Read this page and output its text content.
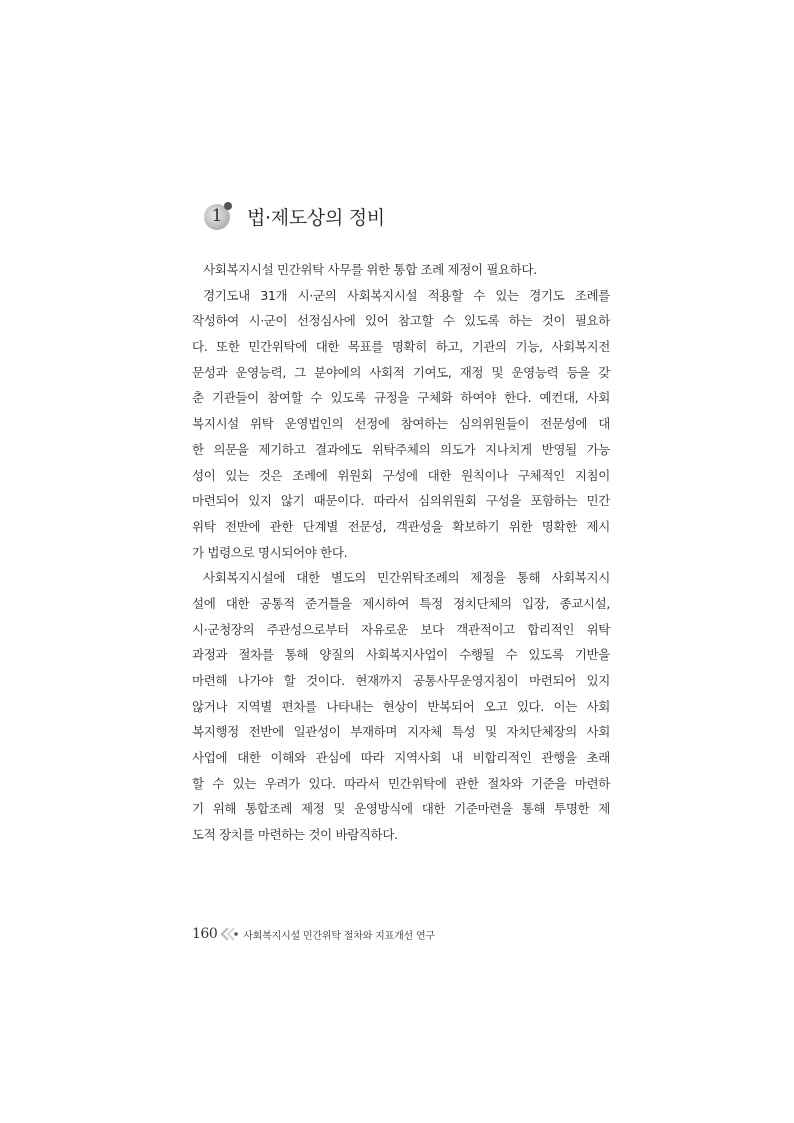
1	법·제도상의 정비
사회복지시설 민간위탁 사무를 위한 통합 조례 제정이 필요하다.
경기도내 31개 시·군의 사회복지시설 적용할 수 있는 경기도 조례를
작성하여 시·군이 선정심사에 있어 참고할 수 있도록 하는 것이 필요하
다. 또한 민간위탁에 대한 목표를 명확히 하고, 기관의 기능, 사회복지전
문성과 운영능력, 그 분야에의 사회적 기여도, 재정 및 운영능력 등을 갖
춘 기관들이 참여할 수 있도록 규정을 구체화 하여야 한다. 예컨대, 사회
복지시설 위탁 운영법인의 선정에 참여하는 심의위원들이 전문성에 대
한 의문을 제기하고 결과에도 위탁주체의 의도가 지나치게 반영될 가능
성이 있는 것은 조례에 위원회 구성에 대한 원칙이나 구체적인 지침이
마련되어 있지 않기 때문이다. 따라서 심의위원회 구성을 포함하는 민간
위탁 전반에 관한 단계별 전문성, 객관성을 확보하기 위한 명확한 제시
가 법령으로 명시되어야 한다.
사회복지시설에 대한 별도의 민간위탁조례의 제정을 통해 사회복지시
설에 대한 공통적 준거틀을 제시하여 특정 정치단체의 입장, 종교시설,
시·군청장의 주관성으로부터 자유로운 보다 객관적이고 합리적인 위탁
과정과 절차를 통해 양질의 사회복지사업이 수행될 수 있도록 기반을
마련해 나가야 할 것이다. 현재까지 공통사무운영지침이 마련되어 있지
않거나 지역별 편차를 나타내는 현상이 반복되어 오고 있다. 이는 사회
복지행정 전반에 일관성이 부재하며 지자체 특성 및 자치단체장의 사회
사업에 대한 이해와 관심에 따라 지역사회 내 비합리적인 관행을 초래
할 수 있는 우려가 있다. 따라서 민간위탁에 관한 절차와 기준을 마련하
기 위해 통합조례 제정 및 운영방식에 대한 기준마련을 통해 투명한 제
도적 장치를 마련하는 것이 바람직하다.
160	사회복지시설 민간위탁 절차와 지표개선 연구
